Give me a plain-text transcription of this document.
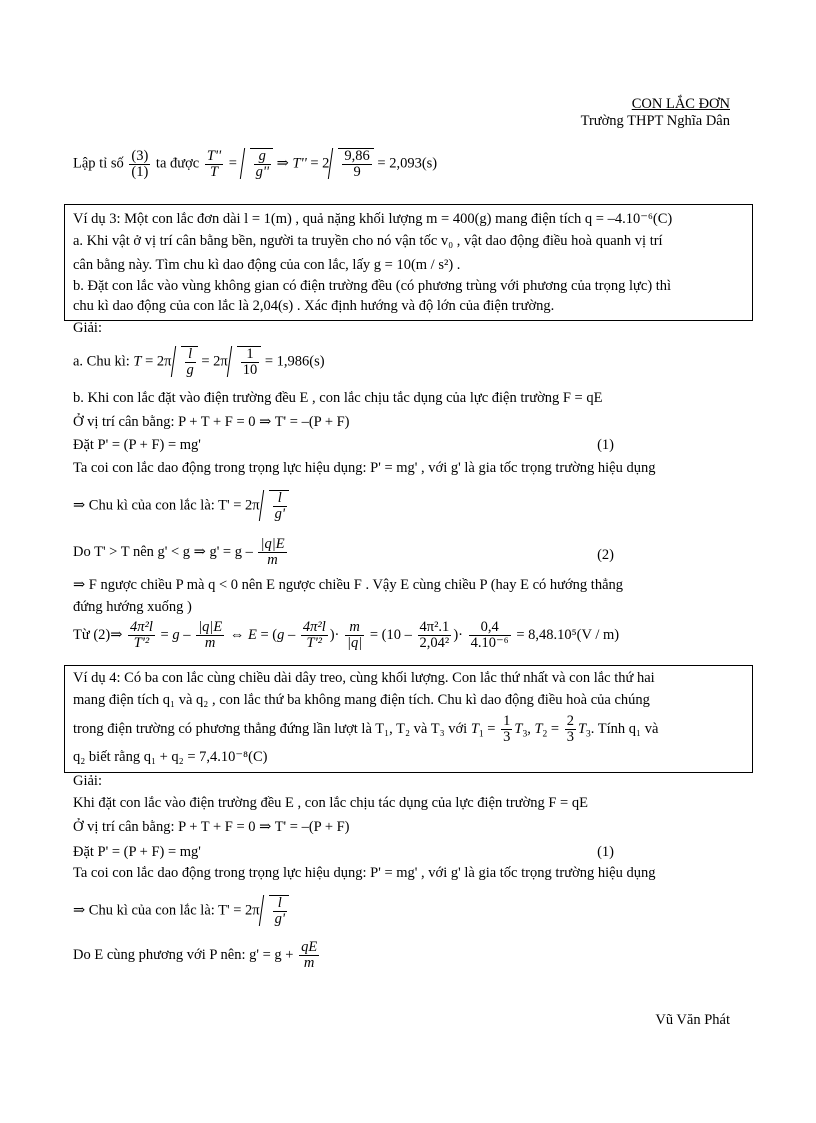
CON LẮC ĐƠN
Trường THPT Nghĩa Dân
Lập tỉ số $\frac{(3)}{(1)}$ ta được $\frac{T''}{T} = \frac{g}{g''}$ ⇒ $T'' = 2 \frac{9,86}{9} = 2,093(s)$
Ví dụ 3: Một con lắc đơn dài l = 1(m) , quả nặng khối lượng m = 400(g) mang điện tích q = –4.10⁻⁶(C)
a. Khi vật ở vị trí cân bằng bền, người ta truyền cho nó vận tốc v₀ , vật dao động điều hoà quanh vị trí
cân bằng này. Tìm chu kì dao động của con lắc, lấy g = 10(m / s²) .
b. Đặt con lắc vào vùng không gian có điện trường đều (có phương trùng với phương của trọng lực) thì
chu kì dao động của con lắc là 2,04(s) . Xác định hướng và độ lớn của điện trường.
Giải:
a. Chu kì: $T = 2\pi \frac{l}{g} = 2\pi \frac{1}{10} = 1,986(s)$
b. Khi con lắc đặt vào điện trường đều E , con lắc chịu tắc dụng của lực điện trường F = qE
Ở vị trí cân bằng: P + T + F = 0 ⇒ T' = –(P + F)
Đặt P' = (P + F) = mg'	(1)
Ta coi con lắc dao động trong trọng lực hiệu dụng: P' = mg' , với g' là gia tốc trọng trường hiệu dụng
⇒ Chu kì của con lắc là: $T' = 2\pi \frac{l}{g'}$
Do T' > T nên g' < g ⇒ $g' = g - \frac{|q|E}{m}$	(2)
⇒ F ngược chiều P mà q < 0 nên E ngược chiều F . Vậy E cùng chiều P (hay E có hướng thẳng
đứng hướng xuống )
Từ (2)⇒ $\frac{\text{4π²l}}{\text{T'²}} = g - \frac{|q|E}{m}$ ⇔ $E = (g - \frac{\text{4π²l}}{\text{T'²}}$ )· $\frac{m}{|q|} = (10 - \frac{\text{4π².1}}{\text{2,04²}}$ )· $\frac{0,4}{\text{4.10⁻⁶}} = 8,48.10^5(V / m)$
Ví dụ 4: Có ba con lắc cùng chiều dài dây treo, cùng khối lượng. Con lắc thứ nhất và con lắc thứ hai
mang điện tích q₁ và q₂ , con lắc thứ ba không mang điện tích. Chu kì dao động điều hoà của chúng
trong điện trường có phương thẳng đứng lần lượt là T₁, T₂ và T₃ với $T_1 = \frac{1}{3} T_3$, $T_2 = \frac{2}{3} T_3$. Tính q₁ và
q₂ biết rằng q₁ + q₂ = 7,4.10⁻⁸(C)
Giải:
Khi đặt con lắc vào điện trường đều E , con lắc chịu tác dụng của lực điện trường F = qE
Ở vị trí cân bằng: P + T + F = 0 ⇒ T' = –(P + F)
Đặt P' = (P + F) = mg'	(1)
Ta coi con lắc dao động trong trọng lực hiệu dụng: P' = mg' , với g' là gia tốc trọng trường hiệu dụng
⇒ Chu kì của con lắc là: $T' = 2\pi \frac{l}{g'}$
Do E cùng phương với P nên: $g' = g + \frac{qE}{m}$
Vũ Văn Phát
